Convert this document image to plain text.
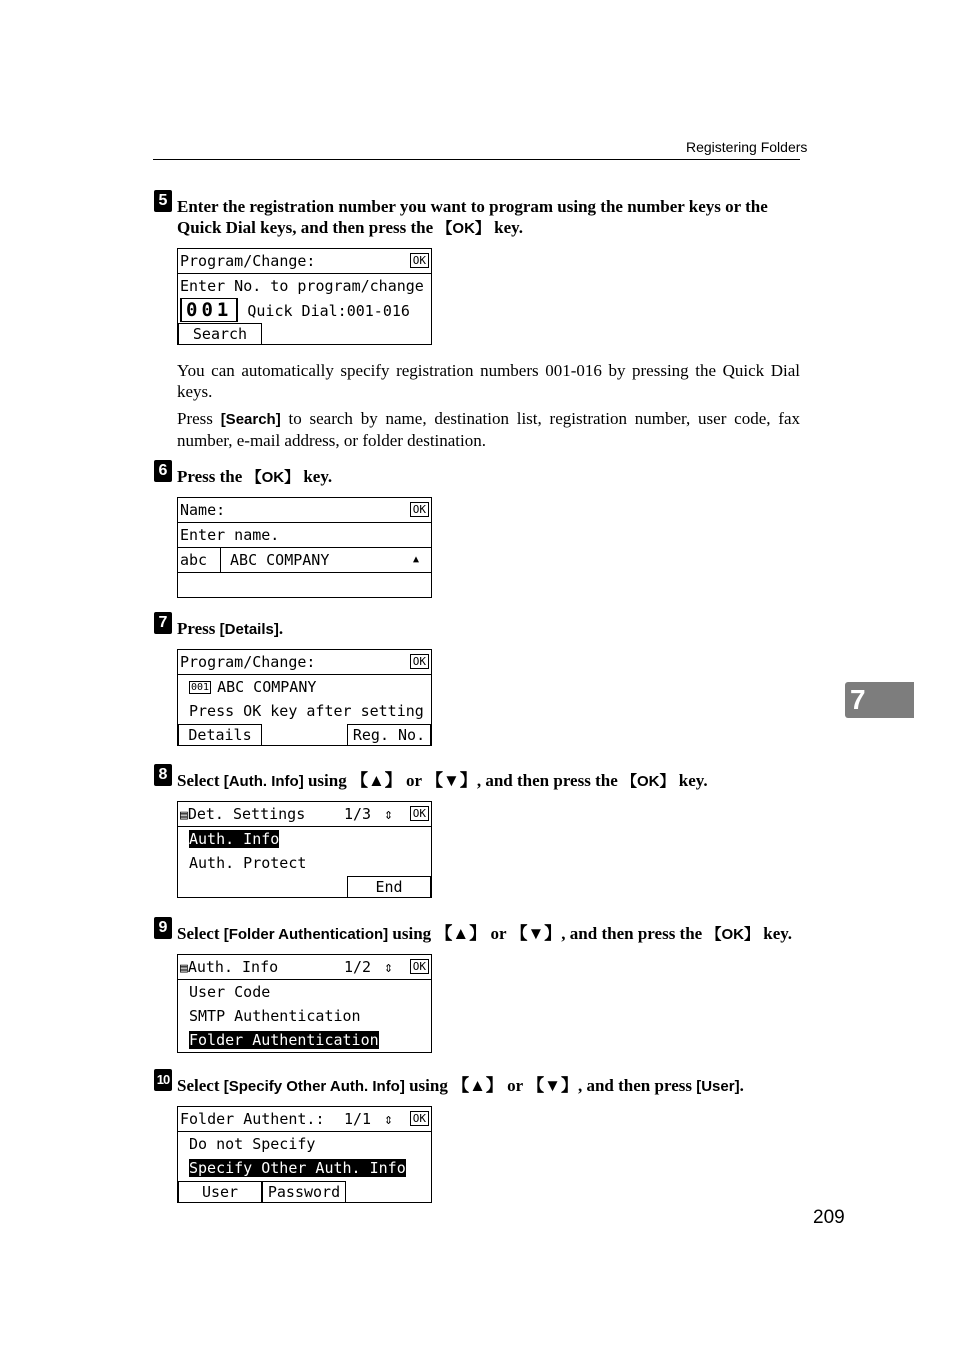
Registering Folders
5 Enter the registration number you want to program using the number keys or the Quick Dial keys, and then press the 【OK】 key.
Program/Change:	OK
Enter No. to program/change
001 Quick Dial:001-016
Search
You can automatically specify registration numbers 001-016 by pressing the Quick Dial keys.
Press [Search] to search by name, destination list, registration number, user code, fax number, e-mail address, or folder destination.
6 Press the 【OK】 key.
Name:	OK
Enter name.
abc ABC COMPANY	▲
7 Press [Details].
Program/Change:	OK
001 ABC COMPANY
Press OK key after setting
Details	Reg. No.
8 Select [Auth. Info] using 【▲】 or 【▼】, and then press the 【OK】 key.
▤Det. Settings	1/3 ⇕ OK
Auth. Info
Auth. Protect
End
9 Select [Folder Authentication] using 【▲】 or 【▼】, and then press the 【OK】 key.
▤Auth. Info	1/2 ⇕ OK
User Code
SMTP Authentication
Folder Authentication
10 Select [Specify Other Auth. Info] using 【▲】 or 【▼】, and then press [User].
Folder Authent.: 1/1 ⇕ OK
Do not Specify
Specify Other Auth. Info
User	Password
7
209
